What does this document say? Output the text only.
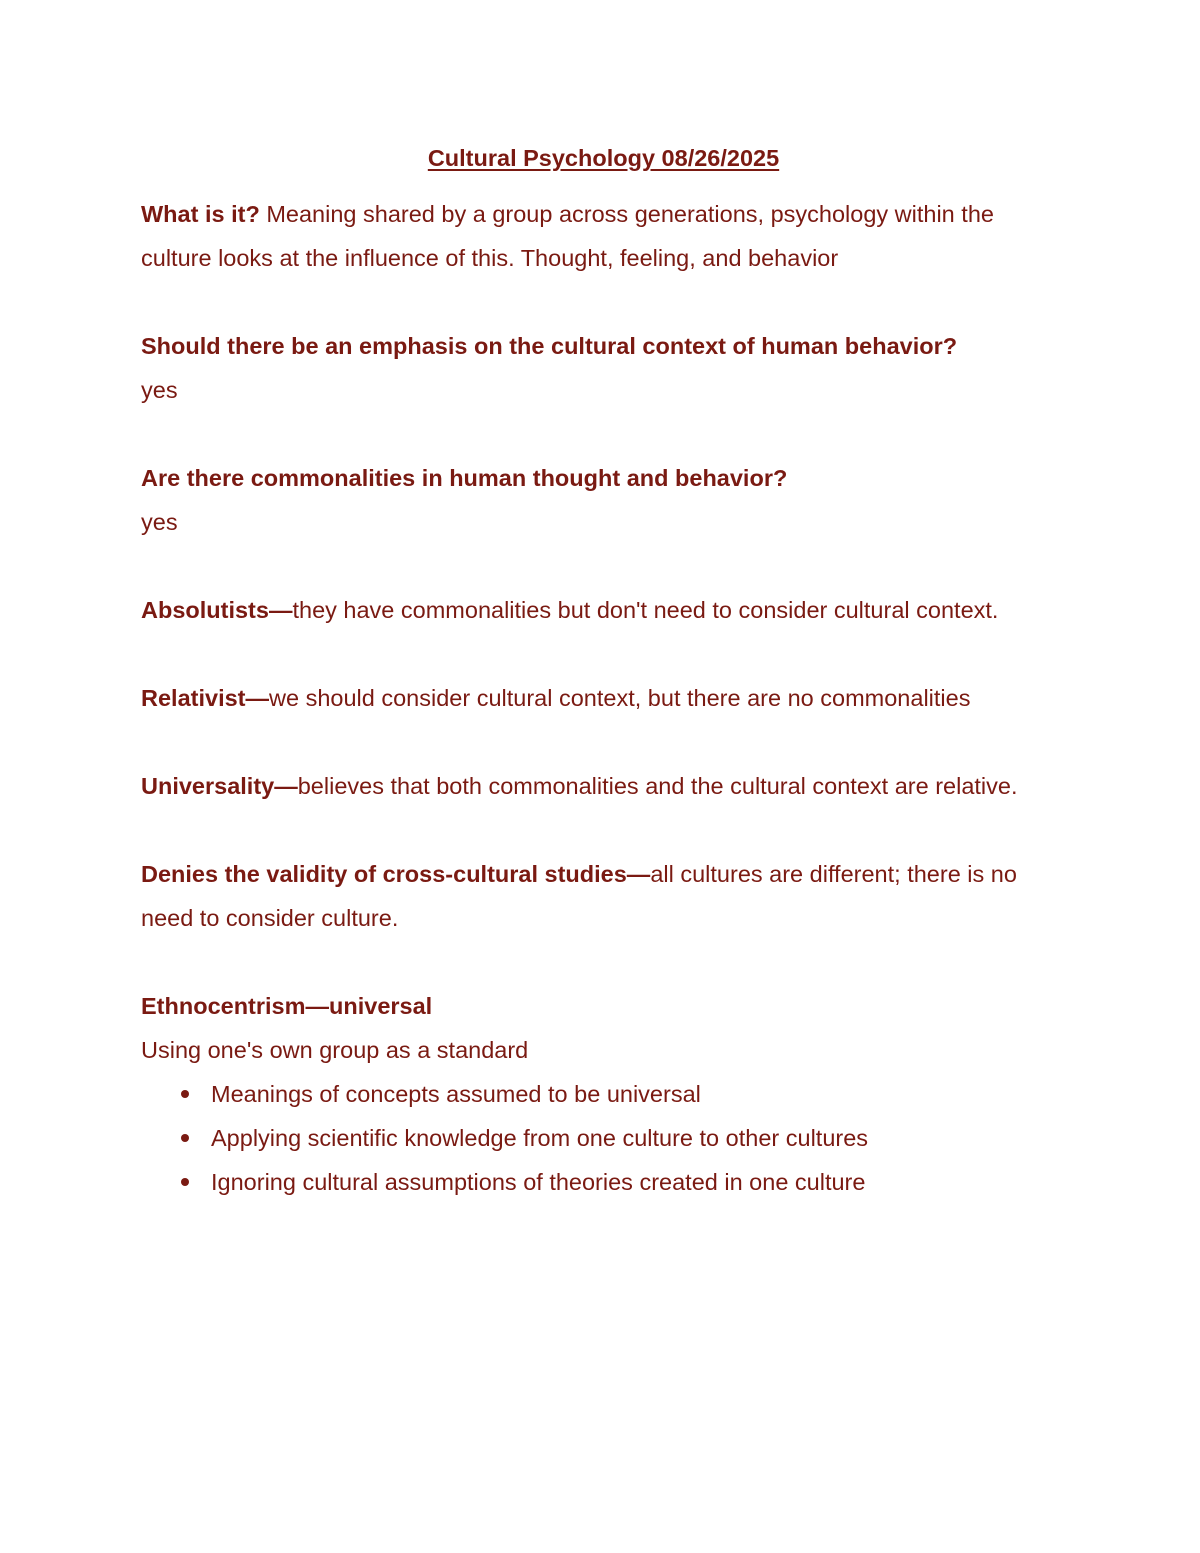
Cultural Psychology 08/26/2025

What is it? Meaning shared by a group across generations, psychology within the culture looks at the influence of this. Thought, feeling, and behavior

Should there be an emphasis on the cultural context of human behavior?

yes

Are there commonalities in human thought and behavior?

yes

Absolutists—they have commonalities but don't need to consider cultural context.

Relativist—we should consider cultural context, but there are no commonalities

Universality—believes that both commonalities and the cultural context are relative.

Denies the validity of cross-cultural studies—all cultures are different; there is no need to consider culture.

Ethnocentrism—universal

Using one's own group as a standard

Meanings of concepts assumed to be universal
Applying scientific knowledge from one culture to other cultures
Ignoring cultural assumptions of theories created in one culture
